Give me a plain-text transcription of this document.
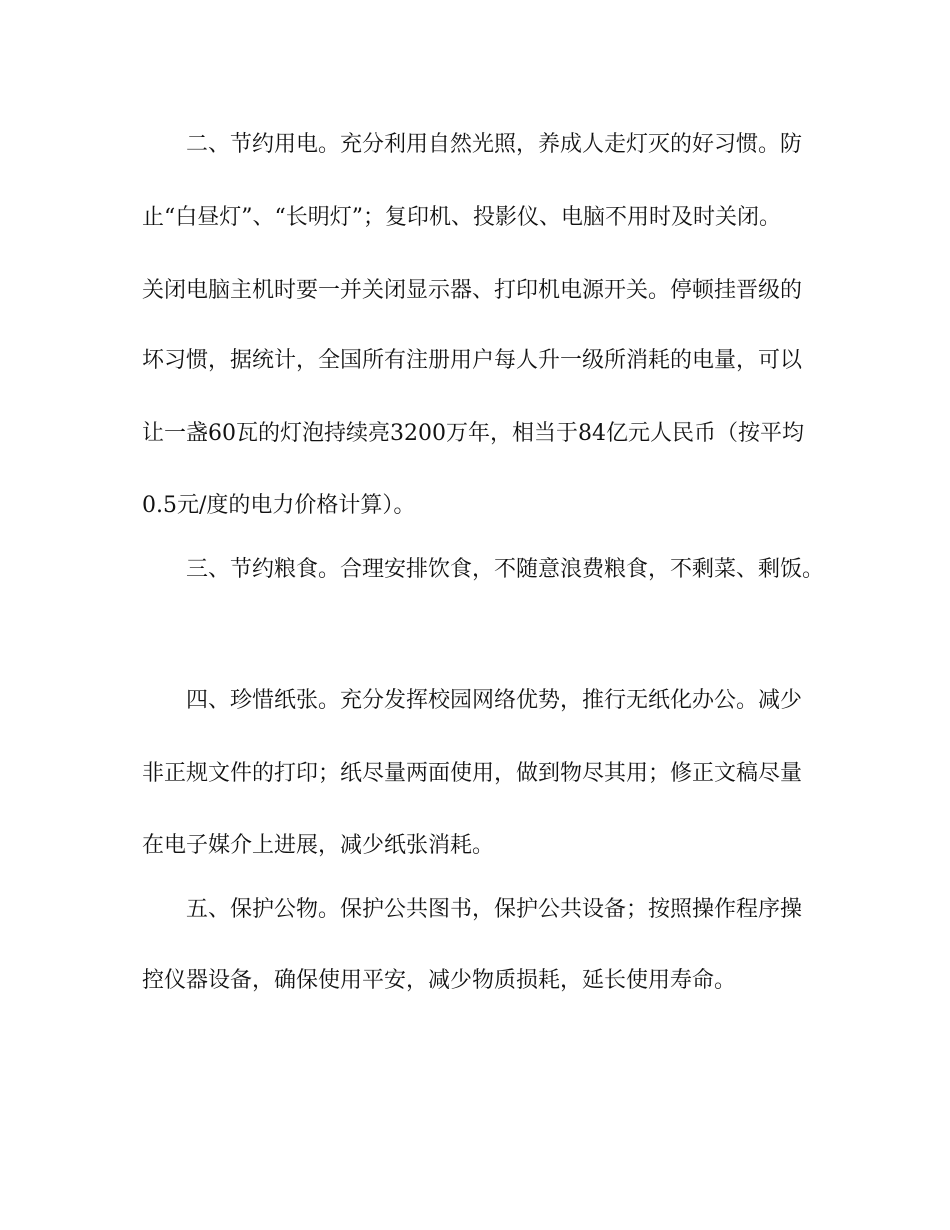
二、节约用电。充分利用自然光照，养成人走灯灭的好习惯。防
止“白昼灯”、“长明灯”；复印机、投影仪、电脑不用时及时关闭。
关闭电脑主机时要一并关闭显示器、打印机电源开关。停顿挂晋级的
坏习惯，据统计，全国所有注册用户每人升一级所消耗的电量，可以
让一盏60瓦的灯泡持续亮3200万年，相当于84亿元人民币（按平均
0.5元/度的电力价格计算）。
三、节约粮食。合理安排饮食，不随意浪费粮食，不剩菜、剩饭。
四、珍惜纸张。充分发挥校园网络优势，推行无纸化办公。减少
非正规文件的打印；纸尽量两面使用，做到物尽其用；修正文稿尽量
在电子媒介上进展，减少纸张消耗。
五、保护公物。保护公共图书，保护公共设备；按照操作程序操
控仪器设备，确保使用平安，减少物质损耗，延长使用寿命。
